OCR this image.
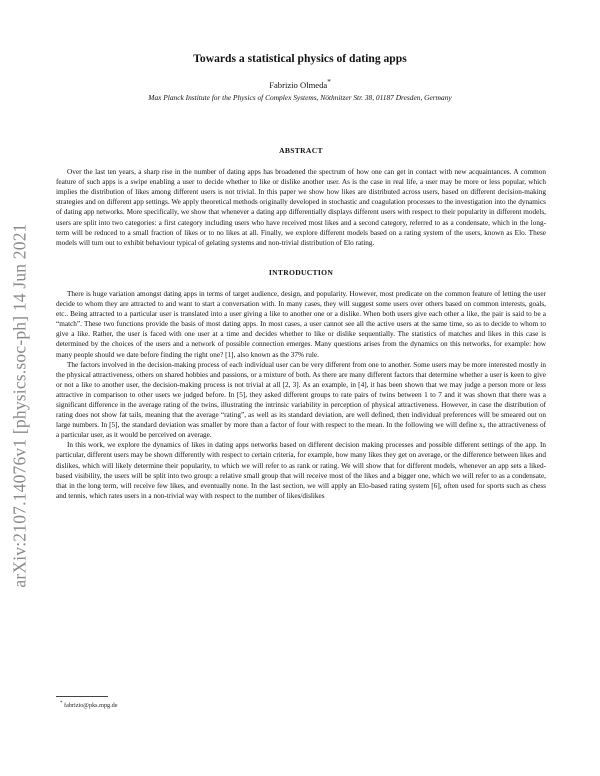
arXiv:2107.14076v1 [physics.soc-ph] 14 Jun 2021
Towards a statistical physics of dating apps
Fabrizio Olmeda*
Max Planck Institute for the Physics of Complex Systems, Nöthnitzer Str. 38, 01187 Dresden, Germany
ABSTRACT

Over the last ten years, a sharp rise in the number of dating apps has broadened the spectrum of how one can get in contact with new acquaintances. A common feature of such apps is a swipe enabling a user to decide whether to like or dislike another user. As is the case in real life, a user may be more or less popular, which implies the distribution of likes among different users is not trivial. In this paper we show how likes are distributed across users, based on different decision-making strategies and on different app settings. We apply theoretical methods originally developed in stochastic and coagulation processes to the investigation into the dynamics of dating app networks. More specifically, we show that whenever a dating app differentially displays different users with respect to their popularity in different models, users are split into two categories: a first category including users who have received most likes and a second category, referred to as a condensate, which in the long-term will be reduced to a small fraction of likes or to no likes at all. Finally, we explore different models based on a rating system of the users, known as Elo. These models will turn out to exhibit behaviour typical of gelating systems and non-trivial distribution of Elo rating.

INTRODUCTION

There is huge variation amongst dating apps in terms of target audience, design, and popularity. However, most predicate on the common feature of letting the user decide to whom they are attracted to and want to start a conversation with. In many cases, they will suggest some users over others based on common interests, goals, etc.. Being attracted to a particular user is translated into a user giving a like to another one or a dislike. When both users give each other a like, the pair is said to be a “match”. These two functions provide the basis of most dating apps. In most cases, a user cannot see all the active users at the same time, so as to decide to whom to give a like. Rather, the user is faced with one user at a time and decides whether to like or dislike sequentially. The statistics of matches and likes in this case is determined by the choices of the users and a network of possible connection emerges. Many questions arises from the dynamics on this networks, for example: how many people should we date before finding the right one? [1], also known as the 37% rule.

The factors involved in the decision-making process of each individual user can be very different from one to another. Some users may be more interested mostly in the physical attractiveness, others on shared hobbies and passions, or a mixture of both. As there are many different factors that determine whether a user is keen to give or not a like to another user, the decision-making process is not trivial at all [2, 3]. As an example, in [4], it has been shown that we may judge a person more or less attractive in comparison to other users we judged before. In [5], they asked different groups to rate pairs of twins between 1 to 7 and it was shown that there was a significant difference in the average rating of the twins, illustrating the intrinsic variability in perception of physical attractiveness. However, in case the distribution of rating does not show fat tails, meaning that the average “rating”, as well as its standard deviation, are well defined, then individual preferences will be smeared out on large numbers. In [5], the standard deviation was smaller by more than a factor of four with respect to the mean. In the following we will define xᵢ, the attractiveness of a particular user, as it would be perceived on average.

In this work, we explore the dynamics of likes in dating apps networks based on different decision making processes and possible different settings of the app. In particular, different users may be shown differently with respect to certain criteria, for example, how many likes they get on average, or the difference between likes and dislikes, which will likely determine their popularity, to which we will refer to as rank or rating. We will show that for different models, whenever an app sets a liked-based visibility, the users will be split into two group: a relative small group that will receive most of the likes and a bigger one, which we will refer to as a condensate, that in the long term, will receive few likes, and eventually none. In the last section, we will apply an Elo-based rating system [6], often used for sports such as chess and tennis, which rates users in a non-trivial way with respect to the number of likes/dislikes

* fabrizio@pks.mpg.de
